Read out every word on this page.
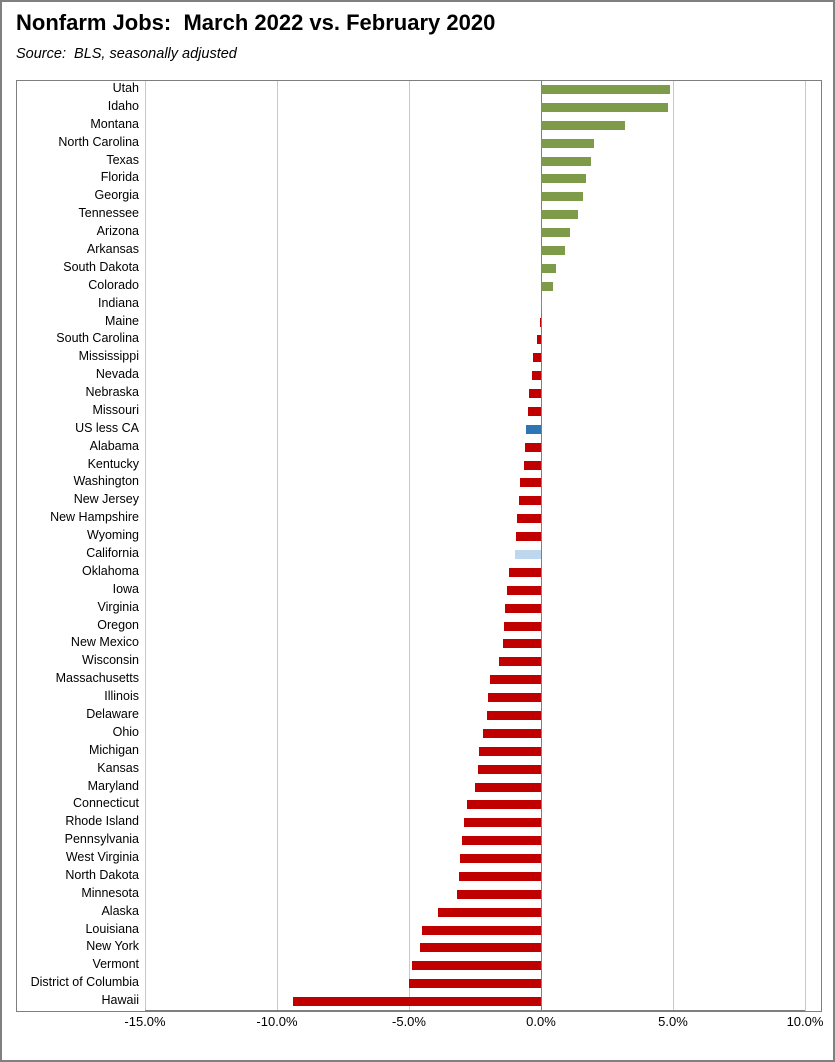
Nonfarm Jobs:  March 2022 vs. February 2020
Source:  BLS, seasonally adjusted
Utah
Idaho
Montana
North Carolina
Texas
Florida
Georgia
Tennessee
Arizona
Arkansas
South Dakota
Colorado
Indiana
Maine
South Carolina
Mississippi
Nevada
Nebraska
Missouri
US less CA
Alabama
Kentucky
Washington
New Jersey
New Hampshire
Wyoming
California
Oklahoma
Iowa
Virginia
Oregon
New Mexico
Wisconsin
Massachusetts
Illinois
Delaware
Ohio
Michigan
Kansas
Maryland
Connecticut
Rhode Island
Pennsylvania
West Virginia
North Dakota
Minnesota
Alaska
Louisiana
New York
Vermont
District of Columbia
Hawaii
-15.0%	-10.0%	-5.0%	0.0%	5.0%	10.0%
